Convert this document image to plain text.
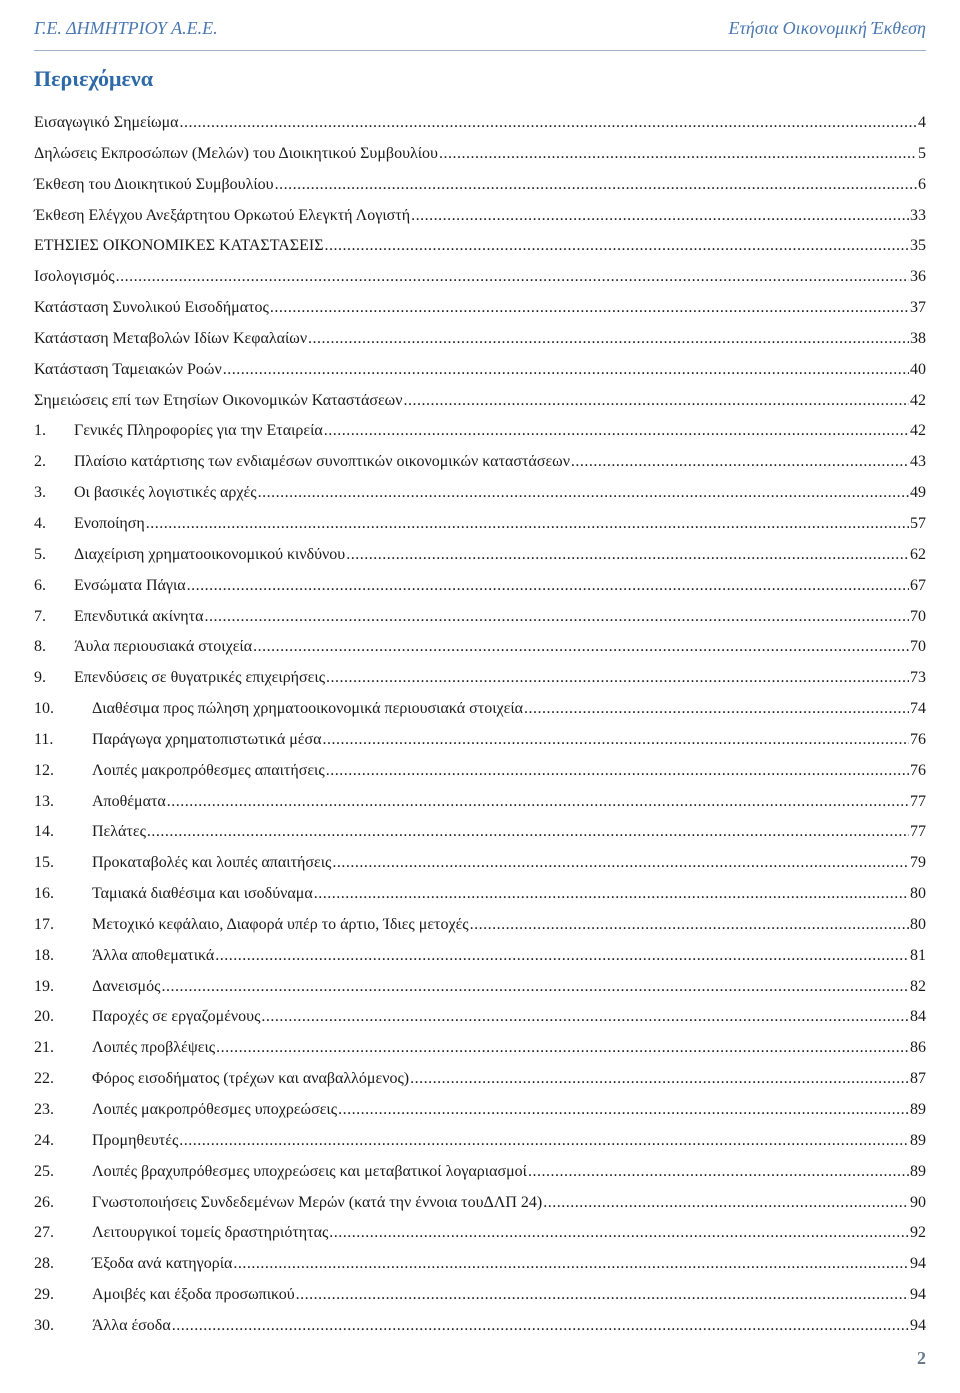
Γ.Ε. ΔΗΜΗΤΡΙΟΥ Α.Ε.Ε.	Ετήσια Οικονομική Έκθεση
Περιεχόμενα
Εισαγωγικό Σημείωμα .....	4
Δηλώσεις Εκπροσώπων (Μελών) του Διοικητικού Συμβουλίου .....	5
Έκθεση του Διοικητικού Συμβουλίου .....	6
Έκθεση Ελέγχου Ανεξάρτητου Ορκωτού Ελεγκτή Λογιστή .....	33
ΕΤΗΣΙΕΣ ΟΙΚΟΝΟΜΙΚΕΣ ΚΑΤΑΣΤΑΣΕΙΣ .....	35
Ισολογισμός .....	36
Κατάσταση Συνολικού Εισοδήματος .....	37
Κατάσταση Μεταβολών Ιδίων Κεφαλαίων .....	38
Κατάσταση Ταμειακών Ροών .....	40
Σημειώσεις επί των Ετησίων Οικονομικών Καταστάσεων .....	42
1.	Γενικές Πληροφορίες για την Εταιρεία .....	42
2.	Πλαίσιο κατάρτισης των ενδιαμέσων συνοπτικών οικονομικών καταστάσεων .....	43
3.	Οι βασικές λογιστικές αρχές .....	49
4.	Ενοποίηση .....	57
5.	Διαχείριση χρηματοοικονομικού κινδύνου .....	62
6.	Ενσώματα Πάγια .....	67
7.	Επενδυτικά ακίνητα .....	70
8.	Άυλα περιουσιακά στοιχεία .....	70
9.	Επενδύσεις σε θυγατρικές επιχειρήσεις .....	73
10.	Διαθέσιμα προς πώληση χρηματοοικονομικά περιουσιακά στοιχεία .....	74
11.	Παράγωγα χρηματοπιστωτικά μέσα .....	76
12.	Λοιπές μακροπρόθεσμες απαιτήσεις .....	76
13.	Αποθέματα .....	77
14.	Πελάτες .....	77
15.	Προκαταβολές και λοιπές απαιτήσεις .....	79
16.	Ταμιακά διαθέσιμα και ισοδύναμα .....	80
17.	Μετοχικό κεφάλαιο, Διαφορά υπέρ το άρτιο, Ίδιες μετοχές .....	80
18.	Άλλα αποθεματικά .....	81
19.	Δανεισμός .....	82
20.	Παροχές σε εργαζομένους .....	84
21.	Λοιπές προβλέψεις .....	86
22.	Φόρος εισοδήματος (τρέχων και αναβαλλόμενος) .....	87
23.	Λοιπές μακροπρόθεσμες υποχρεώσεις .....	89
24.	Προμηθευτές .....	89
25.	Λοιπές βραχυπρόθεσμες υποχρεώσεις και μεταβατικοί λογαριασμοί .....	89
26.	Γνωστοποιήσεις Συνδεδεμένων Μερών (κατά την έννοια τουΔΛΠ 24) .....	90
27.	Λειτουργικοί τομείς δραστηριότητας .....	92
28.	Έξοδα ανά κατηγορία .....	94
29.	Αμοιβές και έξοδα προσωπικού .....	94
30.	Άλλα έσοδα .....	94
2
